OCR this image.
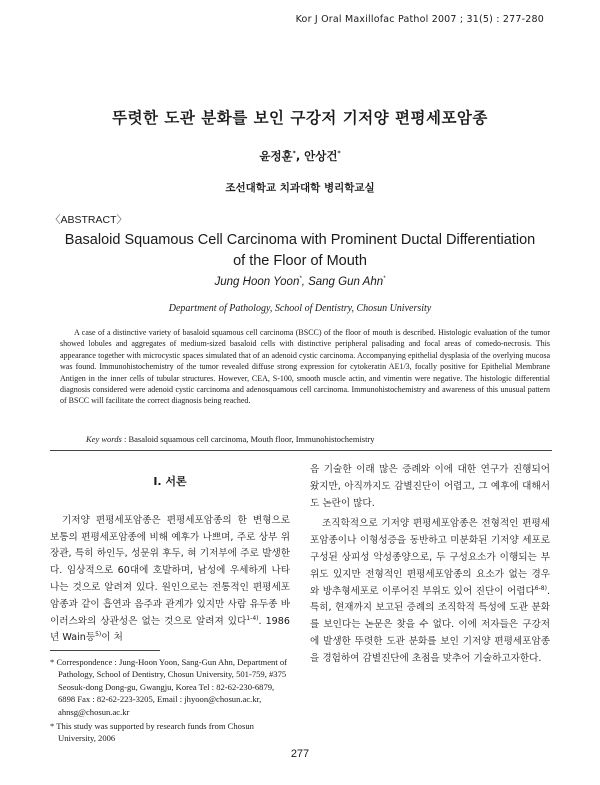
Kor J Oral Maxillofac Pathol 2007 ; 31(5) : 277-280
뚜렷한 도관 분화를 보인 구강저 기저양 편평세포암종
윤정훈*, 안상건*
조선대학교 치과대학 병리학교실
〈ABSTRACT〉
Basaloid Squamous Cell Carcinoma with Prominent Ductal Differentiation
of the Floor of Mouth
Jung Hoon Yoon*, Sang Gun Ahn*
Department of Pathology, School of Dentistry, Chosun University
A case of a distinctive variety of basaloid squamous cell carcinoma (BSCC) of the floor of mouth is described. Histologic evaluation of the tumor showed lobules and aggregates of medium-sized basaloid cells with distinctive peripheral palisading and focal areas of comedo-necrosis. This appearance together with microcystic spaces simulated that of an adenoid cystic carcinoma. Accompanying epithelial dysplasia of the overlying mucosa was found. Immunohistochemistry of the tumor revealed diffuse strong expression for cytokeratin AE1/3, focally positive for Epithelial Membrane Antigen in the inner cells of tubular structures. However, CEA, S-100, smooth muscle actin, and vimentin were negative. The histologic differential diagnosis considered were adenoid cystic carcinoma and adenosquamous cell carcinoma. Immunohistochemistry and awareness of this unusual pattern of BSCC will facilitate the correct diagnosis being reached.
Key words : Basaloid squamous cell carcinoma, Mouth floor, Immunohistochemistry
I. 서론

기저양 편평세포암종은 편평세포암종의 한 변형으로 보통의 편평세포암종에 비해 예후가 나쁘며, 주로 상부 위장관, 특히 하인두, 성문위 후두, 혀 기저부에 주로 발생한다. 임상적으로 60대에 호발하며, 남성에 우세하게 나타나는 것으로 알려져 있다. 원인으로는 전통적인 편평세포암종과 같이 흡연과 음주과 관계가 있지만 사람 유두종 바이러스와의 상관성은 없는 것으로 알려져 있다$^{1-4)}$. 1986년 Wain등$^{5)}$이 처

음 기술한 이래 많은 증례와 이에 대한 연구가 진행되어 왔지만, 아직까지도 감별진단이 어렵고, 그 예후에 대해서도 논란이 많다.

조직학적으로 기저양 편평세포암종은 전형적인 편평세포암종이나 이형성증을 동반하고 미분화된 기저양 세포로 구성된 상피성 악성종양으로, 두 구성요소가 이행되는 부위도 있지만 전형적인 편평세포암종의 요소가 없는 경우와 방추형세포로 이루어진 부위도 있어 진단이 어렵다$^{6-8)}$. 특히, 현재까지 보고된 증례의 조직학적 특성에 도관 분화를 보인다는 논문은 찾을 수 없다. 이에 저자들은 구강저에 발생한 뚜렷한 도관 분화를 보인 기저양 편평세포암종을 경험하여 감별진단에 초점을 맞추어 기술하고자한다.

* Correspondence : Jung-Hoon Yoon, Sang-Gun Ahn, Department of Pathology, School of Dentistry, Chosun University, 501-759, #375 Seosuk-dong Dong-gu, Gwangju, Korea Tel : 82-62-230-6879, 6898 Fax : 82-62-223-3205, Email : jhyoon@chosun.ac.kr, ahnsg@chosun.ac.kr

* This study was supported by research funds from Chosun University, 2006

277
